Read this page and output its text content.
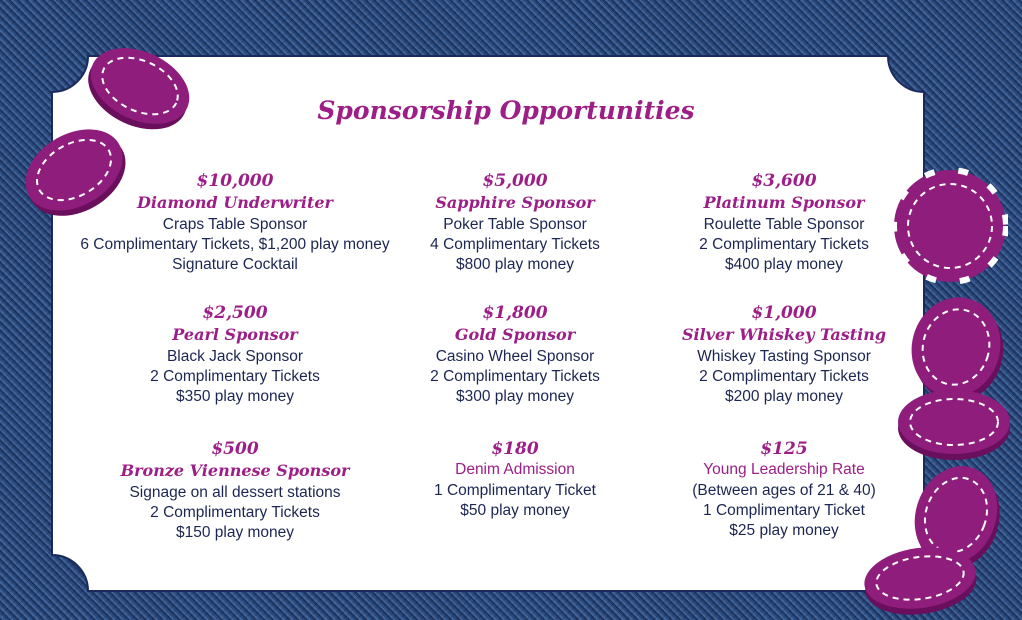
Sponsorship Opportunities
$10,000
Diamond Underwriter
Craps Table Sponsor
6 Complimentary Tickets, $1,200 play money
Signature Cocktail
$5,000
Sapphire Sponsor
Poker Table Sponsor
4 Complimentary Tickets
$800 play money
$3,600
Platinum Sponsor
Roulette Table Sponsor
2 Complimentary Tickets
$400 play money
$2,500
Pearl Sponsor
Black Jack Sponsor
2 Complimentary Tickets
$350 play money
$1,800
Gold Sponsor
Casino Wheel Sponsor
2 Complimentary Tickets
$300 play money
$1,000
Silver Whiskey Tasting
Whiskey Tasting Sponsor
2 Complimentary Tickets
$200 play money
$500
Bronze Viennese Sponsor
Signage on all dessert stations
2 Complimentary Tickets
$150 play money
$180
Denim Admission
1 Complimentary Ticket
$50 play money
$125
Young Leadership Rate
(Between ages of 21 & 40)
1 Complimentary Ticket
$25 play money
